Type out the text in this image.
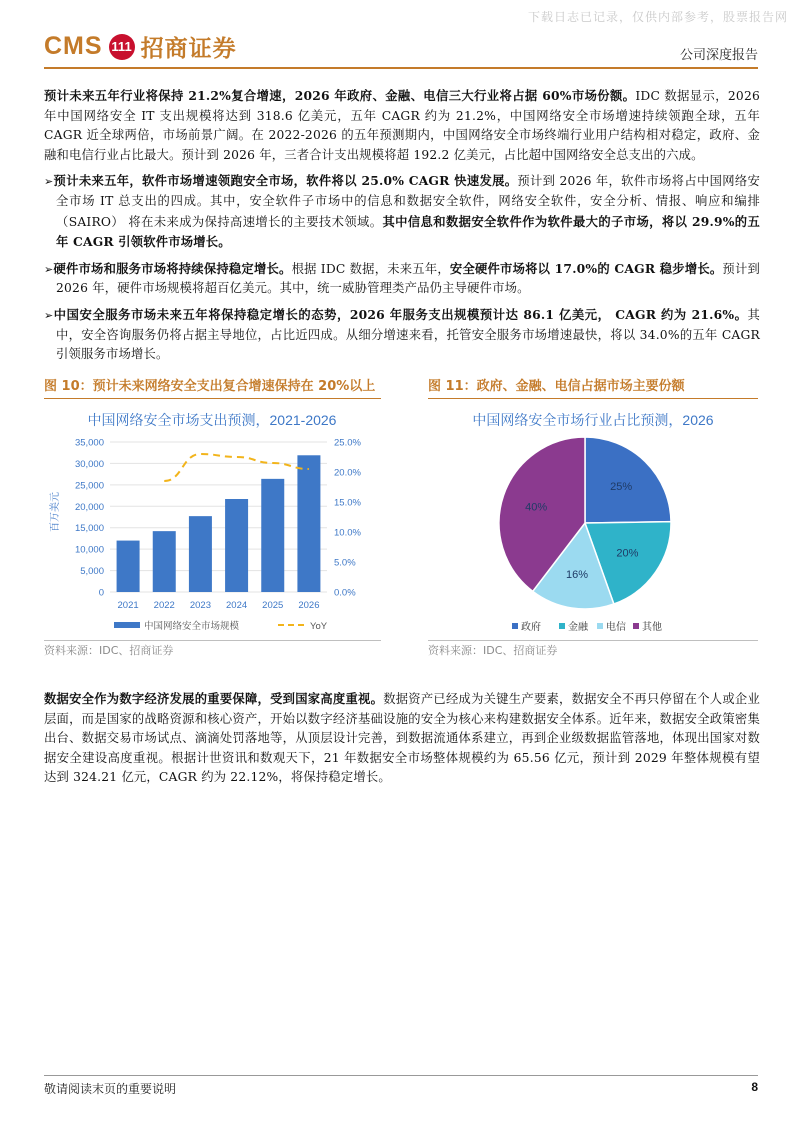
下载日志已记录，仅供内部参考，股票报告网
CMS 111 招商证券	公司深度报告

预计未来五年行业将保持 21.2%复合增速，2026 年政府、金融、电信三大行业将占据 60%市场份额。IDC 数据显示，2026 年中国网络安全 IT 支出规模将达到 318.6 亿美元，五年 CAGR 约为 21.2%，中国网络安全市场增速持续领跑全球，五年 CAGR 近全球两倍，市场前景广阔。在 2022-2026 的五年预测期内，中国网络安全市场终端行业用户结构相对稳定，政府、金融和电信行业占比最大。预计到 2026 年，三者合计支出规模将超 192.2 亿美元，占比超中国网络安全总支出的六成。

➢预计未来五年，软件市场增速领跑安全市场，软件将以 25.0% CAGR 快速发展。预计到 2026 年，软件市场将占中国网络安全市场 IT 总支出的四成。其中，安全软件子市场中的信息和数据安全软件，网络安全软件，安全分析、情报、响应和编排（SAIRO） 将在未来成为保持高速增长的主要技术领域。其中信息和数据安全软件作为软件最大的子市场，将以 29.9%的五年 CAGR 引领软件市场增长。

➢硬件市场和服务市场将持续保持稳定增长。根据 IDC 数据，未来五年，安全硬件市场将以 17.0%的 CAGR 稳步增长。预计到 2026 年，硬件市场规模将超百亿美元。其中，统一威胁管理类产品仍主导硬件市场。

➢中国安全服务市场未来五年将保持稳定增长的态势，2026 年服务支出规模预计达 86.1 亿美元， CAGR 约为 21.6%。其中，安全咨询服务仍将占据主导地位，占比近四成。从细分增速来看，托管安全服务市场增速最快，将以 34.0%的五年 CAGR 引领服务市场增长。

图 10：预计未来网络安全支出复合增速保持在 20%以上
中国网络安全市场支出预测，2021-2026
0
5,000
10,000
15,000
20,000
25,000
30,000
35,000
0.0%
5.0%
10.0%
15.0%
20.0%
25.0%
2021 2022 2023 2024 2025 2026
百万美元
中国网络安全市场规模	YoY
资料来源：IDC、招商证券
图 11：政府、金融、电信占据市场主要份额
中国网络安全市场行业占比预测，2026
25%
20%
16%
40%
政府	金融 电信 其他
资料来源：IDC、招商证券

数据安全作为数字经济发展的重要保障，受到国家高度重视。数据资产已经成为关键生产要素，数据安全不再只停留在个人或企业层面，而是国家的战略资源和核心资产，开始以数字经济基础设施的安全为核心来构建数据安全体系。近年来，数据安全政策密集出台、数据交易市场试点、滴滴处罚落地等，从顶层设计完善，到数据流通体系建立，再到企业级数据监管落地，体现出国家对数据安全建设高度重视。根据计世资讯和数观天下，21 年数据安全市场整体规模约为 65.56 亿元，预计到 2029 年整体规模有望达到 324.21 亿元，CAGR 约为 22.12%，将保持稳定增长。

敬请阅读末页的重要说明	8
